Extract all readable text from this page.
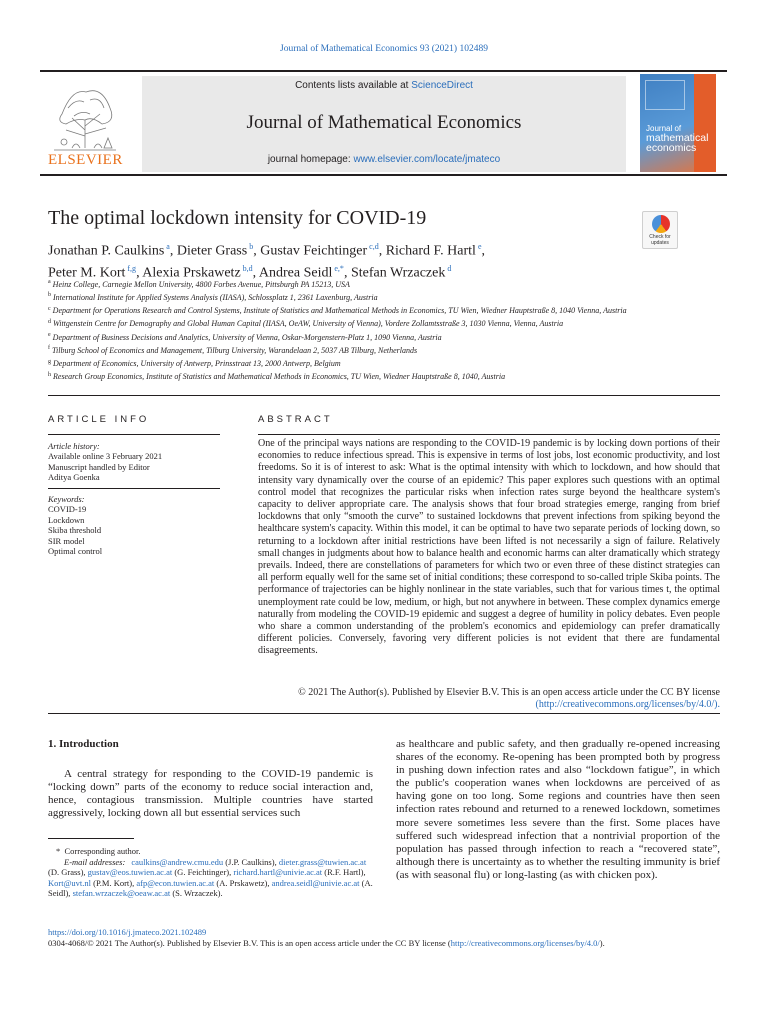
Journal of Mathematical Economics 93 (2021) 102489
ELSEVIER
Contents lists available at ScienceDirect
Journal of Mathematical Economics
journal homepage: www.elsevier.com/locate/jmateco
Journal of
mathematical
economics
The optimal lockdown intensity for COVID-19
Check for
updates
Jonathan P. Caulkins $^a$, Dieter Grass $^b$, Gustav Feichtinger $^{c,d}$, Richard F. Hartl $^e$,
Peter M. Kort $^{f,g}$, Alexia Prskawetz $^{b,d}$, Andrea Seidl $^{e,*}$, Stefan Wrzaczek $^d$
$^a$ Heinz College, Carnegie Mellon University, 4800 Forbes Avenue, Pittsburgh PA 15213, USA
$^b$ International Institute for Applied Systems Analysis (IIASA), Schlossplatz 1, 2361 Laxenburg, Austria
$^c$ Department for Operations Research and Control Systems, Institute of Statistics and Mathematical Methods in Economics, TU Wien, Wiedner Hauptstraße 8, 1040 Vienna, Austria
$^d$ Wittgenstein Centre for Demography and Global Human Capital (IIASA, OeAW, University of Vienna), Vordere Zollamtsstraße 3, 1030 Vienna, Vienna, Austria
$^e$ Department of Business Decisions and Analytics, University of Vienna, Oskar-Morgenstern-Platz 1, 1090 Vienna, Austria
$^f$ Tilburg School of Economics and Management, Tilburg University, Warandelaan 2, 5037 AB Tilburg, Netherlands
$^g$ Department of Economics, University of Antwerp, Prinsstraat 13, 2000 Antwerp, Belgium
$^h$ Research Group Economics, Institute of Statistics and Mathematical Methods in Economics, TU Wien, Wiedner Hauptstraße 8, 1040, Austria
ARTICLE INFO
Article history:
Available online 3 February 2021
Manuscript handled by Editor
Aditya Goenka
Keywords:
COVID-19
Lockdown
Skiba threshold
SIR model
Optimal control
ABSTRACT
One of the principal ways nations are responding to the COVID-19 pandemic is by locking down portions of their economies to reduce infectious spread. This is expensive in terms of lost jobs, lost economic productivity, and lost freedoms. So it is of interest to ask: What is the optimal intensity with which to lockdown, and how should that intensity vary dynamically over the course of an epidemic? This paper explores such questions with an optimal control model that recognizes the particular risks when infection rates surge beyond the healthcare system's capacity to deliver appropriate care. The analysis shows that four broad strategies emerge, ranging from brief lockdowns that only “smooth the curve” to sustained lockdowns that prevent infections from spiking beyond the healthcare system's capacity. Within this model, it can be optimal to have two separate periods of locking down, so returning to a lockdown after initial restrictions have been lifted is not necessarily a sign of failure. Relatively small changes in judgments about how to balance health and economic harms can alter dramatically which strategy prevails. Indeed, there are constellations of parameters for which two or even three of these distinct strategies can all perform equally well for the same set of initial conditions; these correspond to so-called triple Skiba points. The performance of trajectories can be highly nonlinear in the state variables, such that for various times t, the optimal unemployment rate could be low, medium, or high, but not anywhere in between. These complex dynamics emerge naturally from modeling the COVID-19 epidemic and suggest a degree of humility in policy debates. Even people who share a common understanding of the problem's economics and epidemiology can prefer dramatically different policies. Conversely, favoring very different policies is not evident that there are fundamental disagreements.
© 2021 The Author(s). Published by Elsevier B.V. This is an open access article under the CC BY license
(http://creativecommons.org/licenses/by/4.0/).
1. Introduction
A central strategy for responding to the COVID-19 pandemic is “locking down” parts of the economy to reduce social interaction and, hence, contagious transmission. Multiple countries have started aggressively, locking down all but essential services such
as healthcare and public safety, and then gradually re-opened increasing shares of the economy. Re-opening has been prompted both by progress in pushing down infection rates and also “lockdown fatigue”, in which the public's cooperation wanes when lockdowns are perceived of as having gone on too long. Some regions and countries have then seen infection rates rebound and returned to a renewed lockdown, sometimes more severe sometimes less severe than the first. Some places have suffered such widespread infection that a nontrivial proportion of the population has passed through infection to reach a “recovered state”, although there is uncertainty as to whether the resulting immunity is brief (as with seasonal flu) or long-lasting (as with chicken pox).
* Corresponding author.
E-mail addresses: caulkins@andrew.cmu.edu (J.P. Caulkins), dieter.grass@tuwien.ac.at (D. Grass), gustav@eos.tuwien.ac.at (G. Feichtinger), richard.hartl@univie.ac.at (R.F. Hartl), Kort@uvt.nl (P.M. Kort), afp@econ.tuwien.ac.at (A. Prskawetz), andrea.seidl@univie.ac.at (A. Seidl), stefan.wrzaczek@oeaw.ac.at (S. Wrzaczek).
https://doi.org/10.1016/j.jmateco.2021.102489
0304-4068/© 2021 The Author(s). Published by Elsevier B.V. This is an open access article under the CC BY license (http://creativecommons.org/licenses/by/4.0/).
